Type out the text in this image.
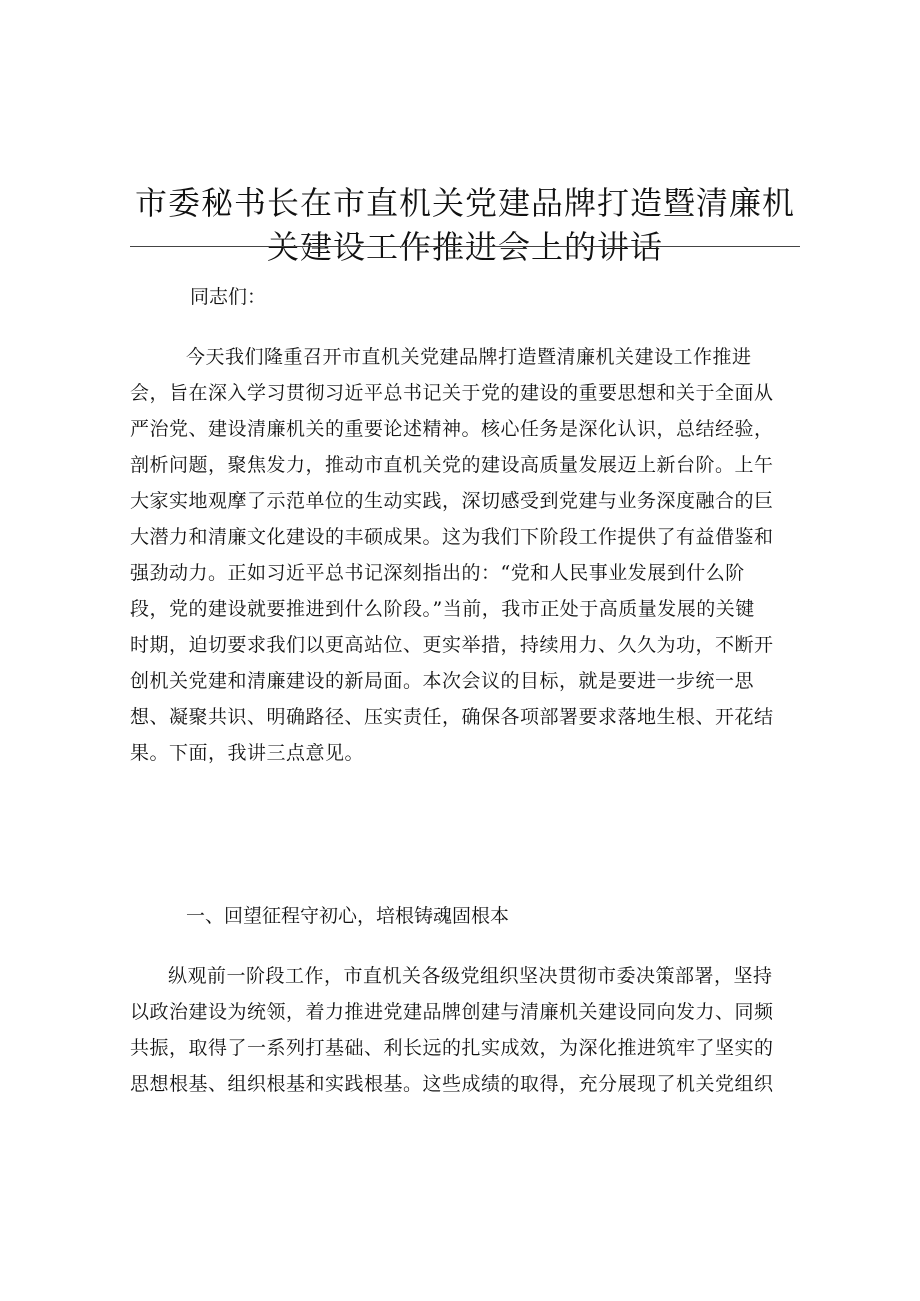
市委秘书长在市直机关党建品牌打造暨清廉机
关建设工作推进会上的讲话
同志们：
今天我们隆重召开市直机关党建品牌打造暨清廉机关建设工作推进
会，旨在深入学习贯彻习近平总书记关于党的建设的重要思想和关于全面从
严治党、建设清廉机关的重要论述精神。核心任务是深化认识，总结经验，
剖析问题，聚焦发力，推动市直机关党的建设高质量发展迈上新台阶。上午
大家实地观摩了示范单位的生动实践，深切感受到党建与业务深度融合的巨
大潜力和清廉文化建设的丰硕成果。这为我们下阶段工作提供了有益借鉴和
强劲动力。正如习近平总书记深刻指出的：“党和人民事业发展到什么阶
段，党的建设就要推进到什么阶段。”当前，我市正处于高质量发展的关键
时期，迫切要求我们以更高站位、更实举措，持续用力、久久为功，不断开
创机关党建和清廉建设的新局面。本次会议的目标，就是要进一步统一思
想、凝聚共识、明确路径、压实责任，确保各项部署要求落地生根、开花结
果。下面，我讲三点意见。
纵观前一阶段工作，市直机关各级党组织坚决贯彻市委决策部署，坚持
以政治建设为统领，着力推进党建品牌创建与清廉机关建设同向发力、同频
共振，取得了一系列打基础、利长远的扎实成效，为深化推进筑牢了坚实的
思想根基、组织根基和实践根基。这些成绩的取得，充分展现了机关党组织
一、回望征程守初心，培根铸魂固根本
